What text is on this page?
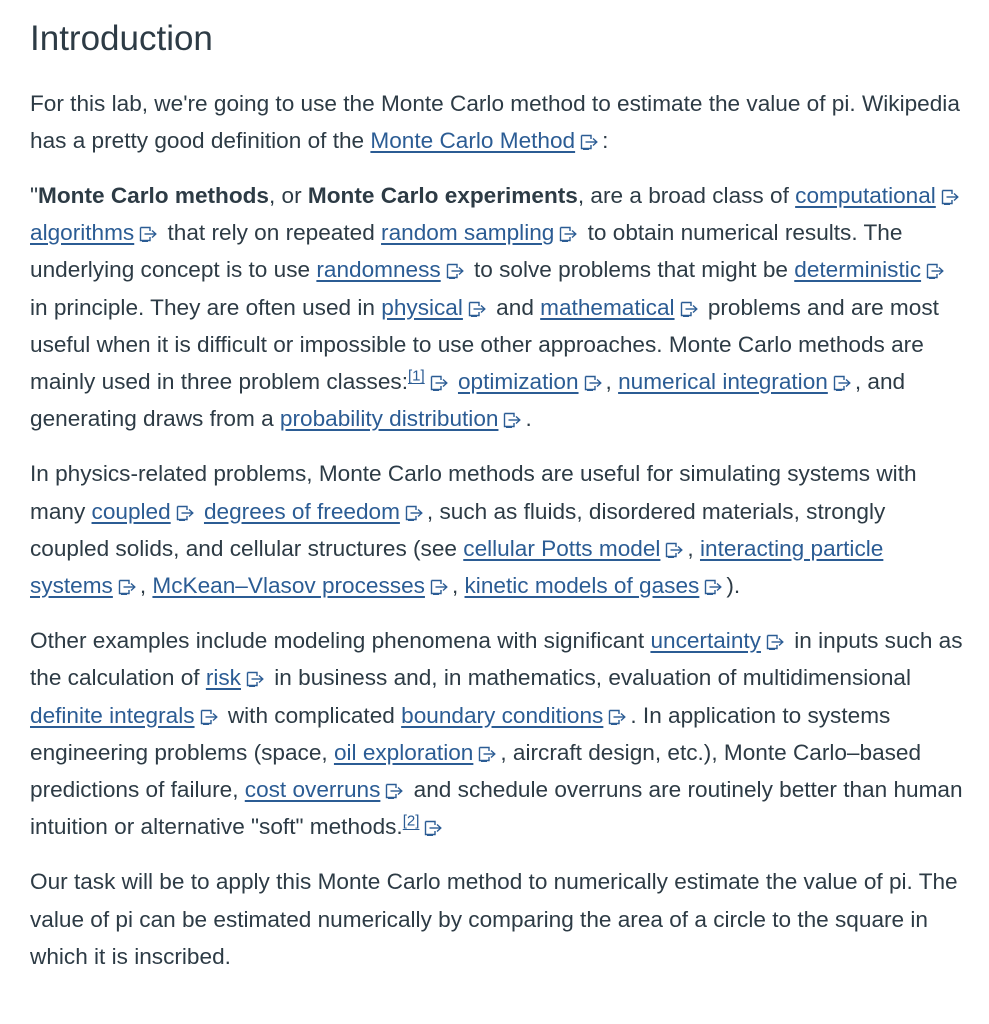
Introduction

For this lab, we're going to use the Monte Carlo method to estimate the value of pi. Wikipedia has a pretty good definition of the Monte Carlo Method :

"Monte Carlo methods, or Monte Carlo experiments, are a broad class of computational
algorithms
that rely on repeated random sampling
to obtain numerical results. The underlying concept is to use randomness
to solve problems that might be deterministic
in principle. They are often used in physical
and mathematical
problems and are most useful when it is difficult or impossible to use other approaches. Monte Carlo methods are mainly used in three problem classes:[1] optimization , numerical integration , and generating draws from a probability distribution .

In physics-related problems, Monte Carlo methods are useful for simulating systems with many coupled degrees of freedom , such as fluids, disordered materials, strongly coupled solids, and cellular structures (see cellular Potts model , interacting particle systems , McKean–Vlasov processes , kinetic models of gases ).

Other examples include modeling phenomena with significant uncertainty
in inputs such as the calculation of risk
in business and, in mathematics, evaluation of multidimensional definite integrals
with complicated boundary conditions . In application to systems engineering problems (space, oil exploration , aircraft design, etc.), Monte Carlo–based predictions of failure, cost overruns
and schedule overruns are routinely better than human intuition or alternative "soft" methods.[2]

Our task will be to apply this Monte Carlo method to numerically estimate the value of pi. The value of pi can be estimated numerically by comparing the area of a circle to the square in which it is inscribed.
